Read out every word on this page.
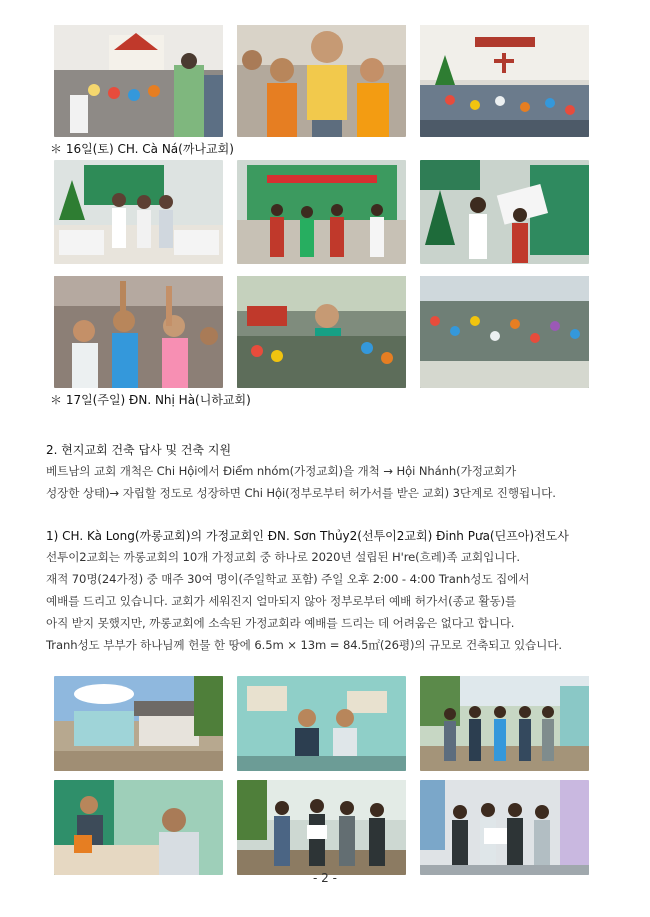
＊ 16일(토) CH. Cà Ná(까나교회)
＊ 17일(주일) ĐN. Nhị Hà(니하교회)
2. 현지교회 건축 답사 및 건축 지원
베트남의 교회 개척은 Chi Hội에서 Điểm nhóm(가정교회)을 개척 → Hội Nhánh(가정교회가
성장한 상태)→ 자립할 정도로 성장하면 Chi Hội(정부로부터 허가서를 받은 교회) 3단계로 진행됩니다.
1) CH. Kà Long(까롱교회)의 가정교회인 ĐN. Sơn Thủy2(선투이2교회) Đinh Pưa(딘프아)전도사
선투이2교회는 까롱교회의 10개 가정교회 중 하나로 2020년 설립된 H're(흐레)족 교회입니다.
재적 70명(24가정) 중 매주 30여 명이(주일학교 포함) 주일 오후 2:00 - 4:00 Tranh성도 집에서
예배를 드리고 있습니다. 교회가 세워진지 얼마되지 않아 정부로부터 예배 허가서(종교 활동)를
아직 받지 못했지만, 까롱교회에 소속된 가정교회라 예배를 드리는 데 어려움은 없다고 합니다.
Tranh성도 부부가 하나님께 헌물 한 땅에 6.5m × 13m = 84.5㎡(26평)의 규모로 건축되고 있습니다.
- 2 -
